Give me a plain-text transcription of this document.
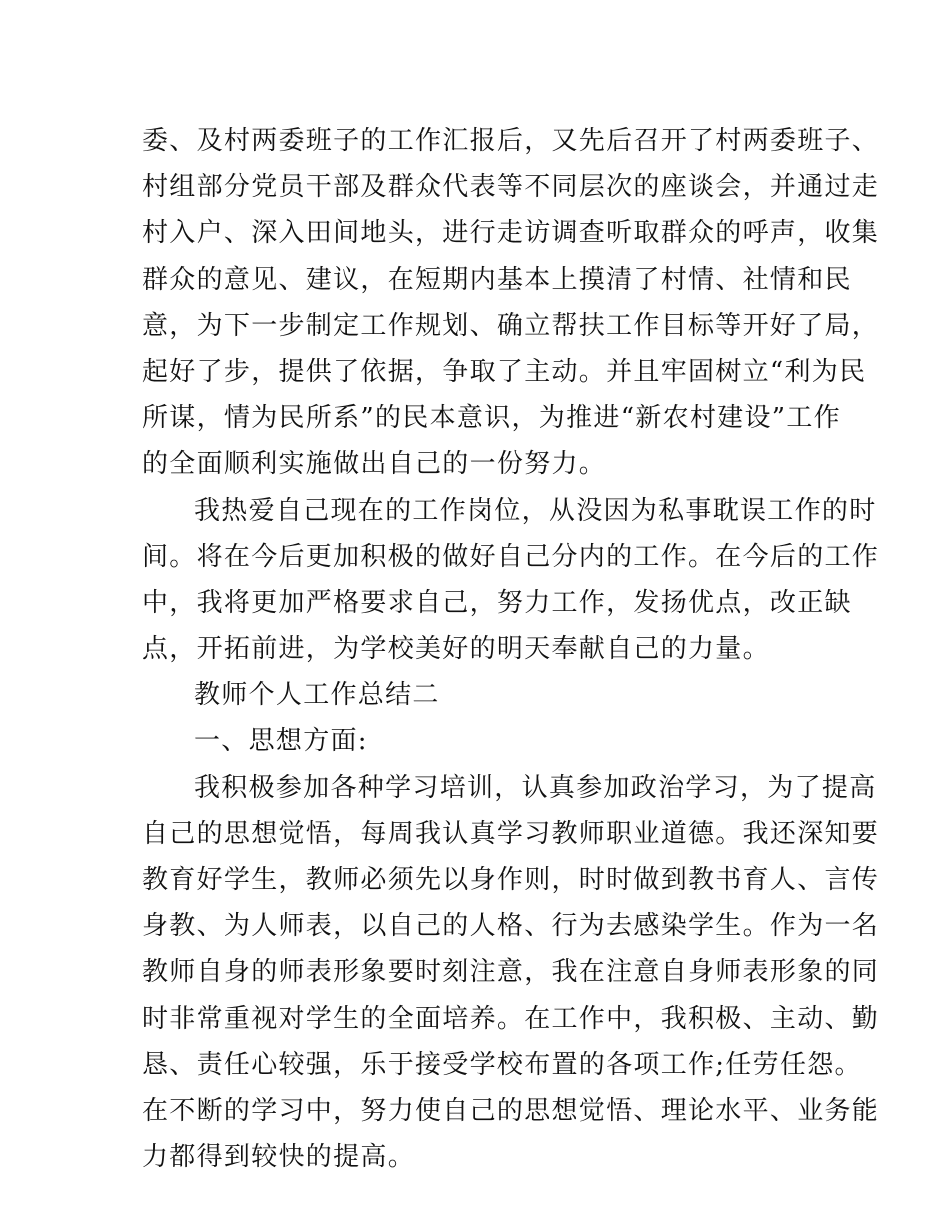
委、及村两委班子的工作汇报后，又先后召开了村两委班子、
村组部分党员干部及群众代表等不同层次的座谈会，并通过走
村入户、深入田间地头，进行走访调查听取群众的呼声，收集
群众的意见、建议，在短期内基本上摸清了村情、社情和民
意，为下一步制定工作规划、确立帮扶工作目标等开好了局，
起好了步，提供了依据，争取了主动。并且牢固树立“利为民
所谋，情为民所系”的民本意识，为推进“新农村建设”工作
的全面顺利实施做出自己的一份努力。
我热爱自己现在的工作岗位，从没因为私事耽误工作的时
间。将在今后更加积极的做好自己分内的工作。在今后的工作
中，我将更加严格要求自己，努力工作，发扬优点，改正缺
点，开拓前进，为学校美好的明天奉献自己的力量。
教师个人工作总结二
一、思想方面:
我积极参加各种学习培训，认真参加政治学习，为了提高
自己的思想觉悟，每周我认真学习教师职业道德。我还深知要
教育好学生，教师必须先以身作则，时时做到教书育人、言传
身教、为人师表，以自己的人格、行为去感染学生。作为一名
教师自身的师表形象要时刻注意，我在注意自身师表形象的同
时非常重视对学生的全面培养。在工作中，我积极、主动、勤
恳、责任心较强，乐于接受学校布置的各项工作;任劳任怨。
在不断的学习中，努力使自己的思想觉悟、理论水平、业务能
力都得到较快的提高。
